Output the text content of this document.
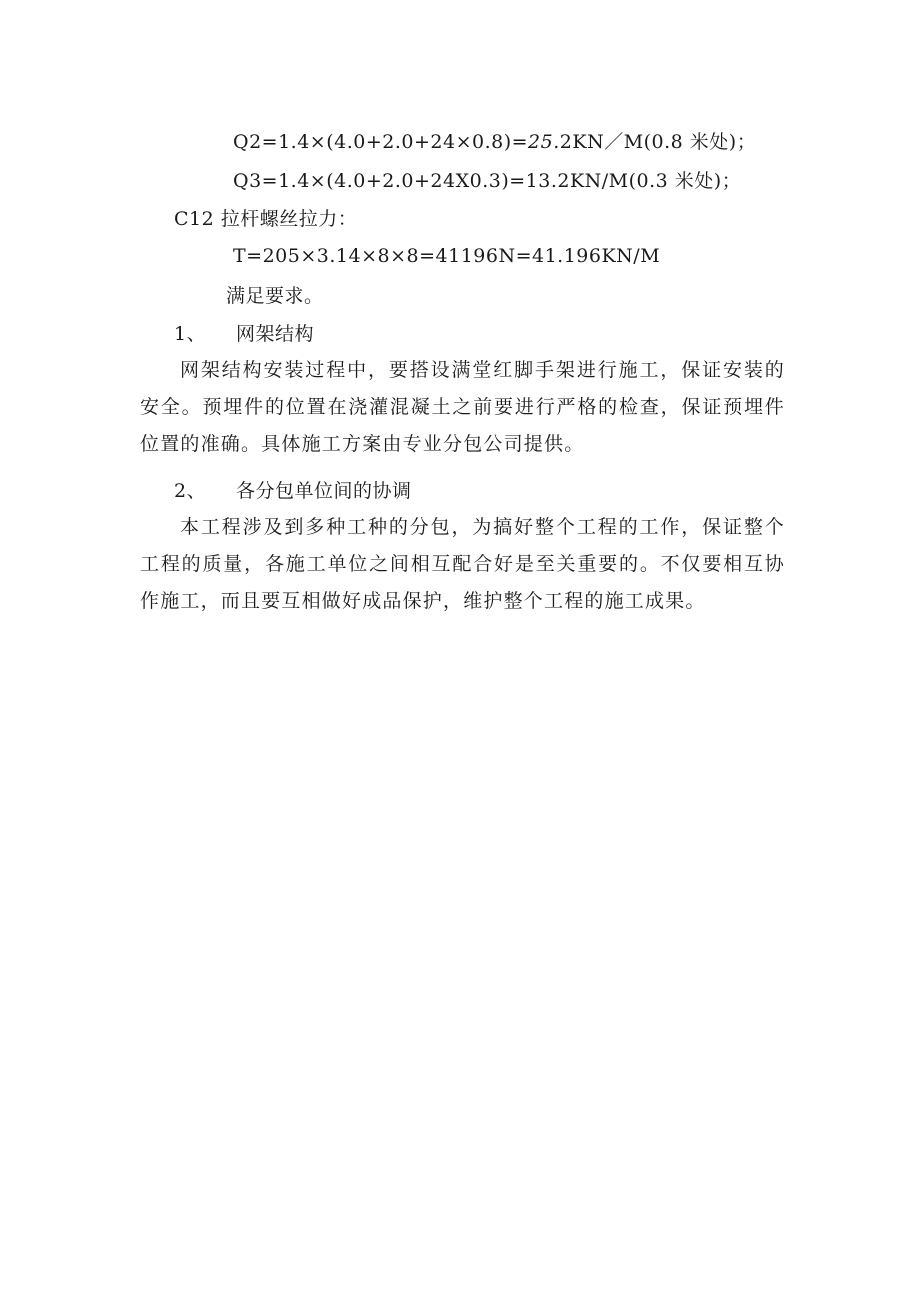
Q2=1.4×(4.0+2.0+24×0.8)=25.2KN／M(0.8 米处)；
Q3=1.4×(4.0+2.0+24X0.3)=13.2KN/M(0.3 米处)；
C12 拉杆螺丝拉力：
T=205×3.14×8×8=41196N=41.196KN/M
满足要求。
1、 网架结构
网架结构安装过程中，要搭设满堂红脚手架进行施工，保证安装的安全。预埋件的位置在浇灌混凝土之前要进行严格的检查，保证预埋件位置的准确。具体施工方案由专业分包公司提供。
2、 各分包单位间的协调
本工程涉及到多种工种的分包，为搞好整个工程的工作，保证整个工程的质量，各施工单位之间相互配合好是至关重要的。不仅要相互协作施工，而且要互相做好成品保护，维护整个工程的施工成果。
